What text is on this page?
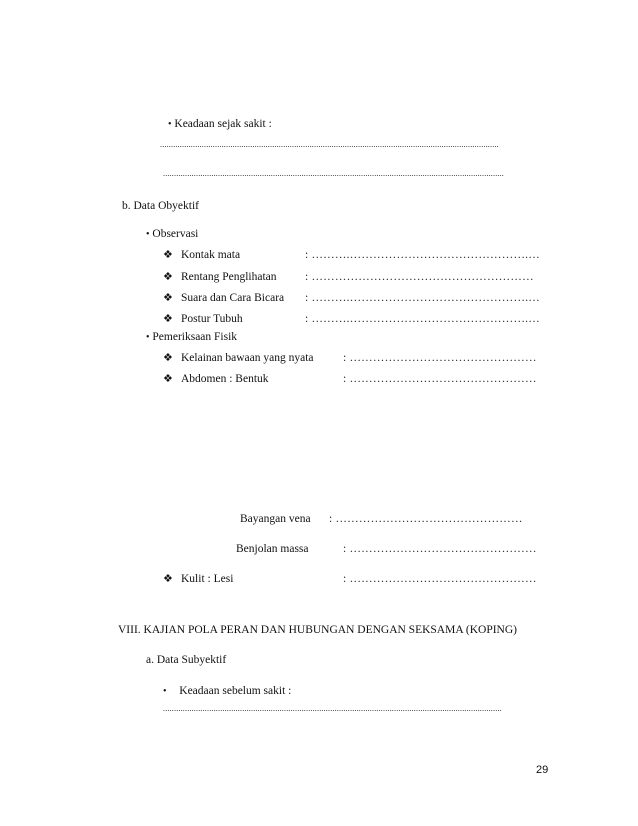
• Keadaan sejak sakit :
..........................................................................................................................................................
...........................................................................................................................................................
b. Data Obyektif
• Observasi
❖ Kontak mata	: ……….……………………………………….…
❖ Rentang Penglihatan : …………………………………………………
❖ Suara dan Cara Bicara : ……….……………………………………….…
❖ Postur Tubuh	: ……….……………………………………….…
• Pemeriksaan Fisik
❖ Kelainan bawaan yang nyata	: …………………………………………
❖ Abdomen : Bentuk	: …………………………………………
Bayangan vena : …………………………………………
Benjolan massa	: …………………………………………
❖ Kulit : Lesi	: …………………………………………
VIII. KAJIAN POLA PERAN DAN HUBUNGAN DENGAN SEKSAMA (KOPING)
a. Data Subyektif
• Keadaan sebelum sakit :
..........................................................................................................................................................
29
